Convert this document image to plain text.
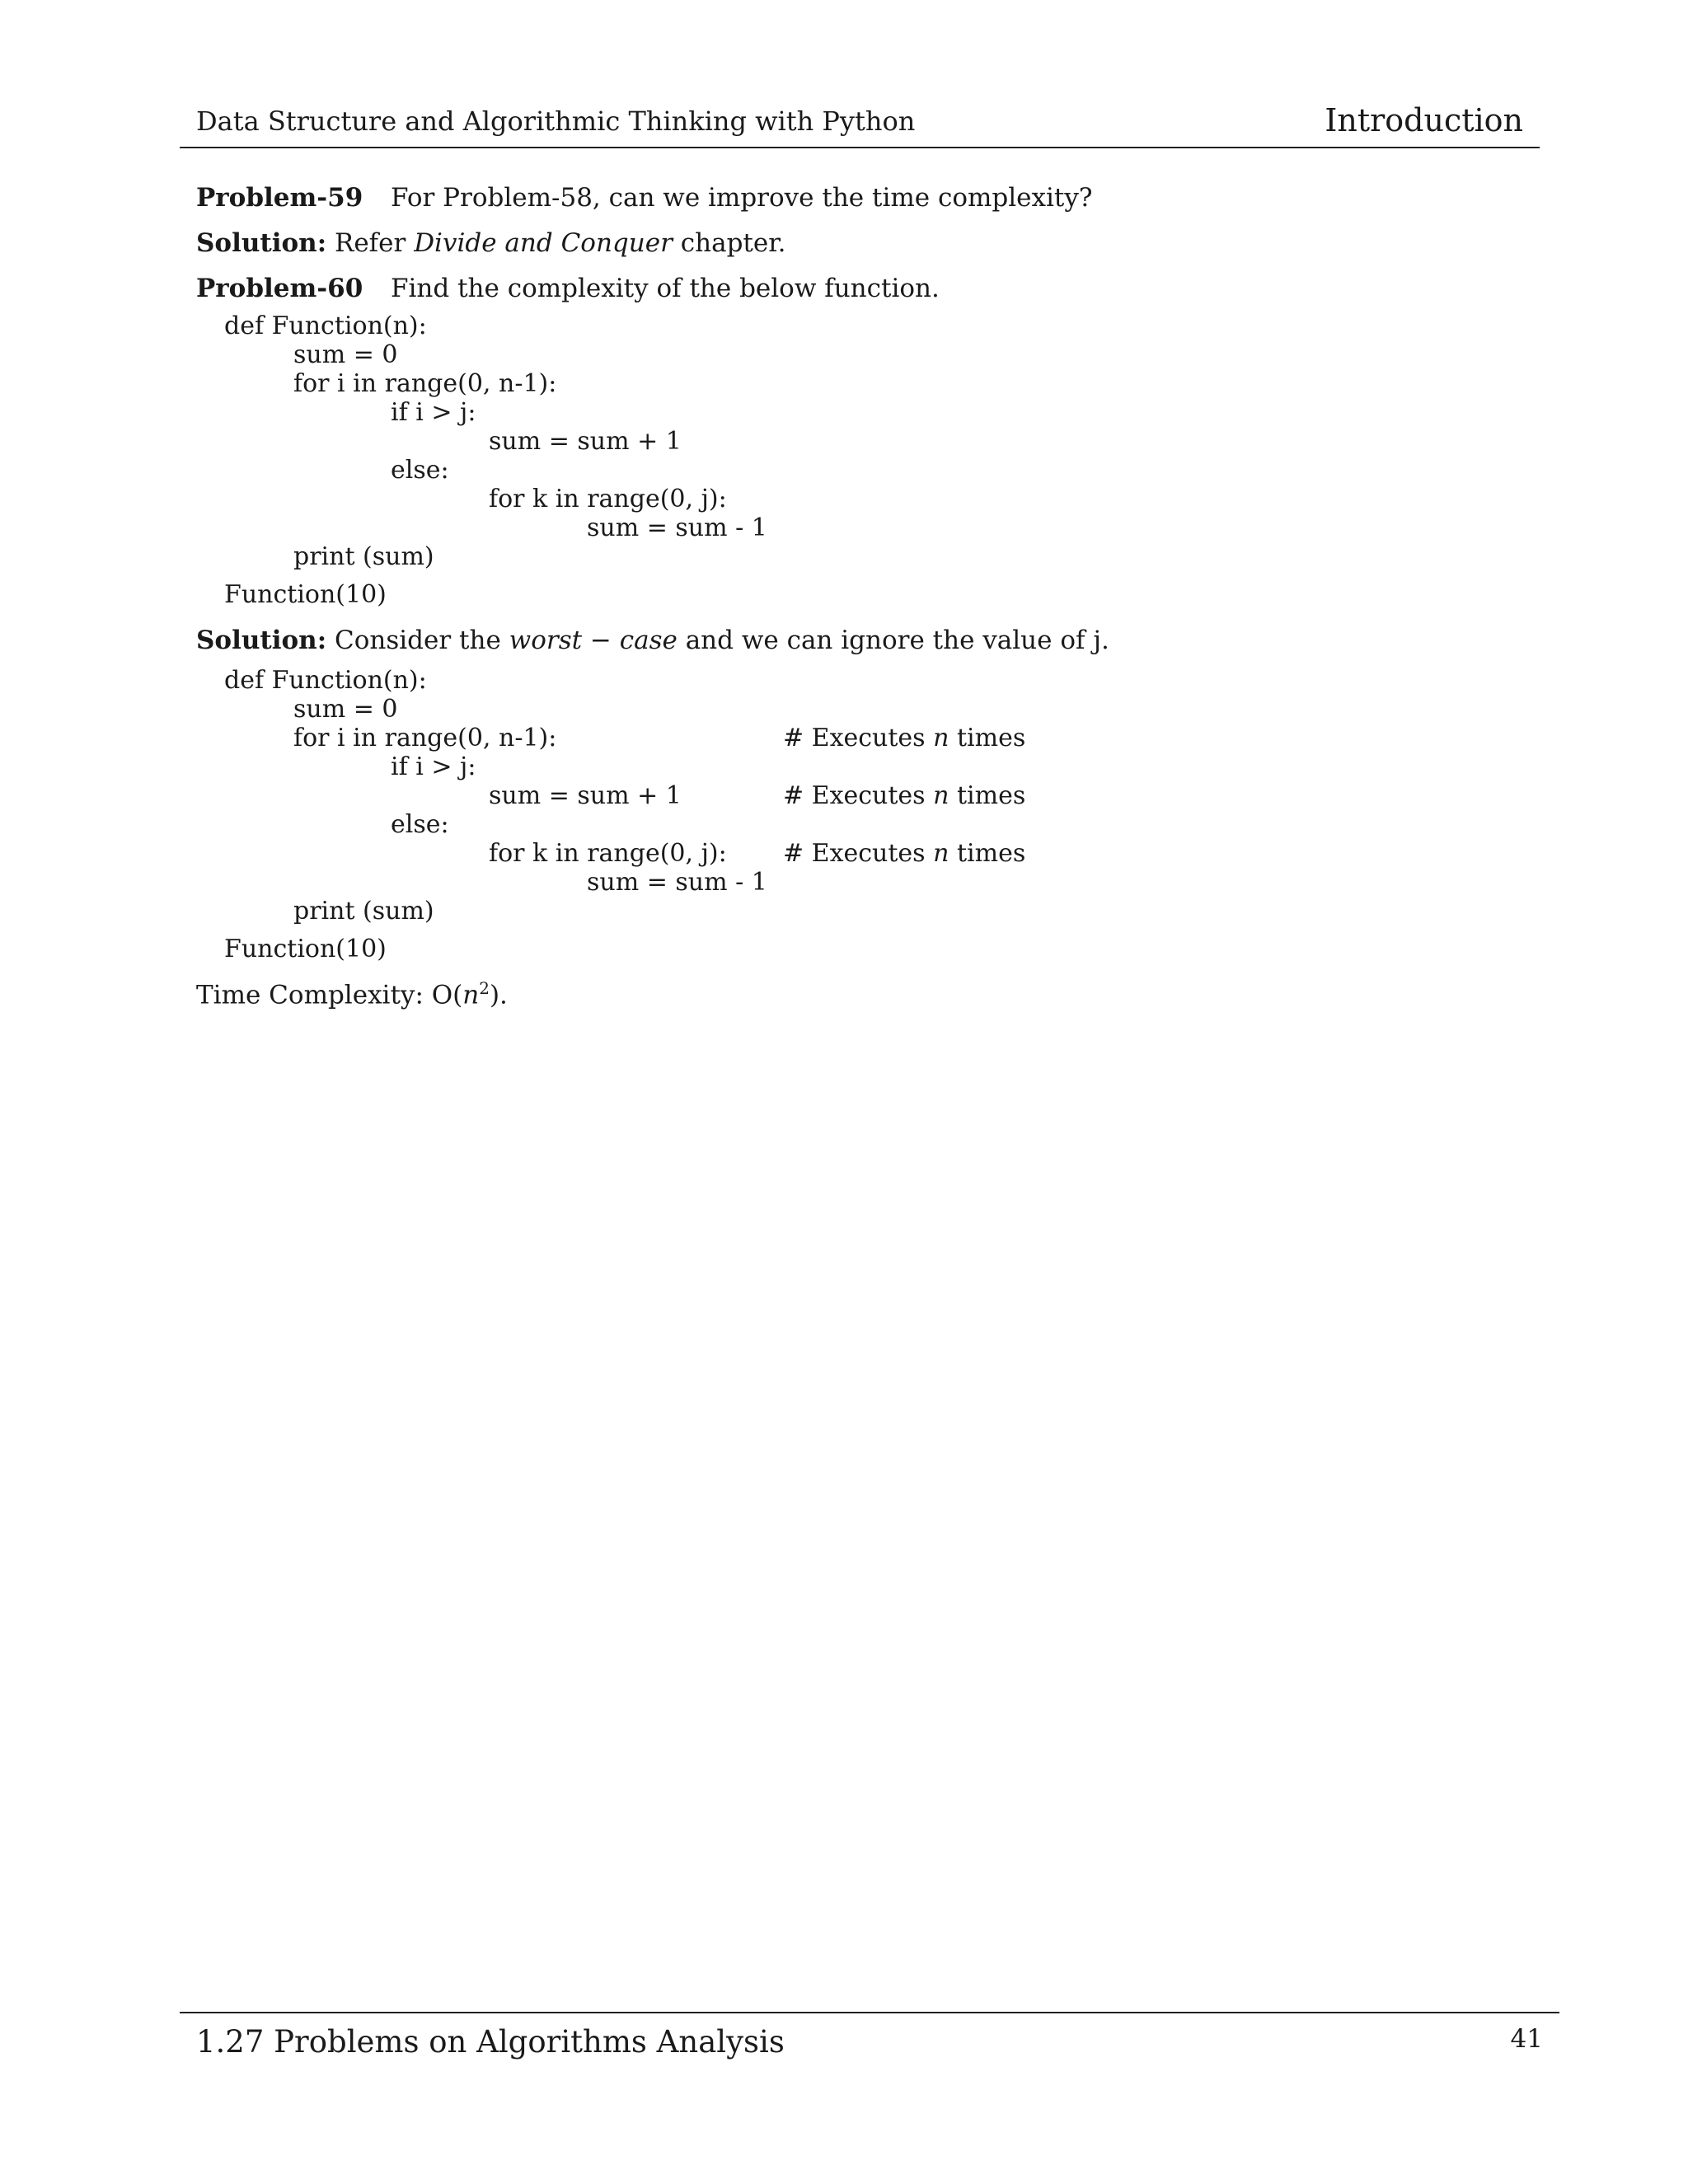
Data Structure and Algorithmic Thinking with Python	Introduction
Problem-59 For Problem-58, can we improve the time complexity?
Solution: Refer Divide and Conquer chapter.
Problem-60 Find the complexity of the below function.
def Function(n):
sum = 0
for i in range(0, n-1):
if i > j:
sum = sum + 1
else:
for k in range(0, j):
sum = sum - 1
print (sum)
Function(10)
Solution: Consider the worst − case and we can ignore the value of j.
def Function(n):
sum = 0
for i in range(0, n-1):	# Executes n times
if i > j:
sum = sum + 1	# Executes n times
else:
for k in range(0, j): # Executes n times
sum = sum - 1
print (sum)
Function(10)
Time Complexity: $O(n^2)$.
1.27 Problems on Algorithms Analysis	41
